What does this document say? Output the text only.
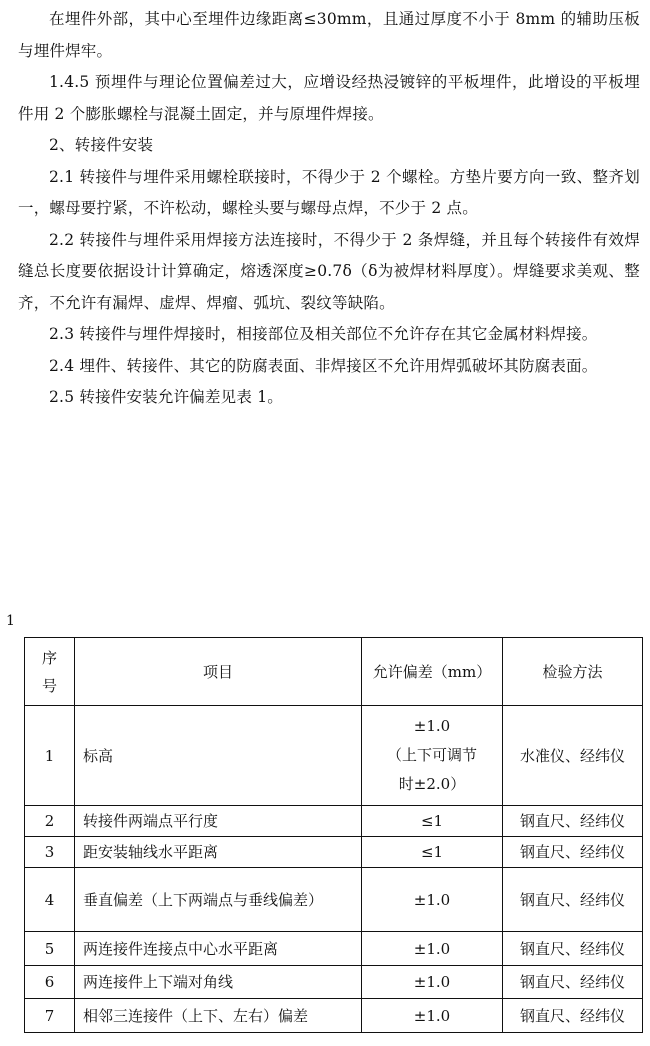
在埋件外部，其中心至埋件边缘距离≤30mm，且通过厚度不小于 8mm 的辅助压板与埋件焊牢。

1.4.5 预埋件与理论位置偏差过大，应增设经热浸镀锌的平板埋件，此增设的平板埋件用 2 个膨胀螺栓与混凝土固定，并与原埋件焊接。

2、转接件安装

2.1 转接件与埋件采用螺栓联接时，不得少于 2 个螺栓。方垫片要方向一致、整齐划一，螺母要拧紧，不许松动，螺栓头要与螺母点焊，不少于 2 点。

2.2 转接件与埋件采用焊接方法连接时，不得少于 2 条焊缝，并且每个转接件有效焊缝总长度要依据设计计算确定，熔透深度≥0.7δ（δ为被焊材料厚度）。焊缝要求美观、整齐，不允许有漏焊、虚焊、焊瘤、弧坑、裂纹等缺陷。

2.3 转接件与埋件焊接时，相接部位及相关部位不允许存在其它金属材料焊接。

2.4 埋件、转接件、其它的防腐表面、非焊接区不允许用焊弧破坏其防腐表面。

2.5 转接件安装允许偏差见表 1。

1
序
号	项目	允许偏差（mm）	检验方法
1	标高	±1.0
（上下可调节
时±2.0）	水准仪、经纬仪
2	转接件两端点平行度	≤1	钢直尺、经纬仪
3	距安装轴线水平距离	≤1	钢直尺、经纬仪
4	垂直偏差（上下两端点与垂线偏差）	±1.0	钢直尺、经纬仪
5	两连接件连接点中心水平距离	±1.0	钢直尺、经纬仪
6	两连接件上下端对角线	±1.0	钢直尺、经纬仪
7	相邻三连接件（上下、左右）偏差	±1.0	钢直尺、经纬仪
